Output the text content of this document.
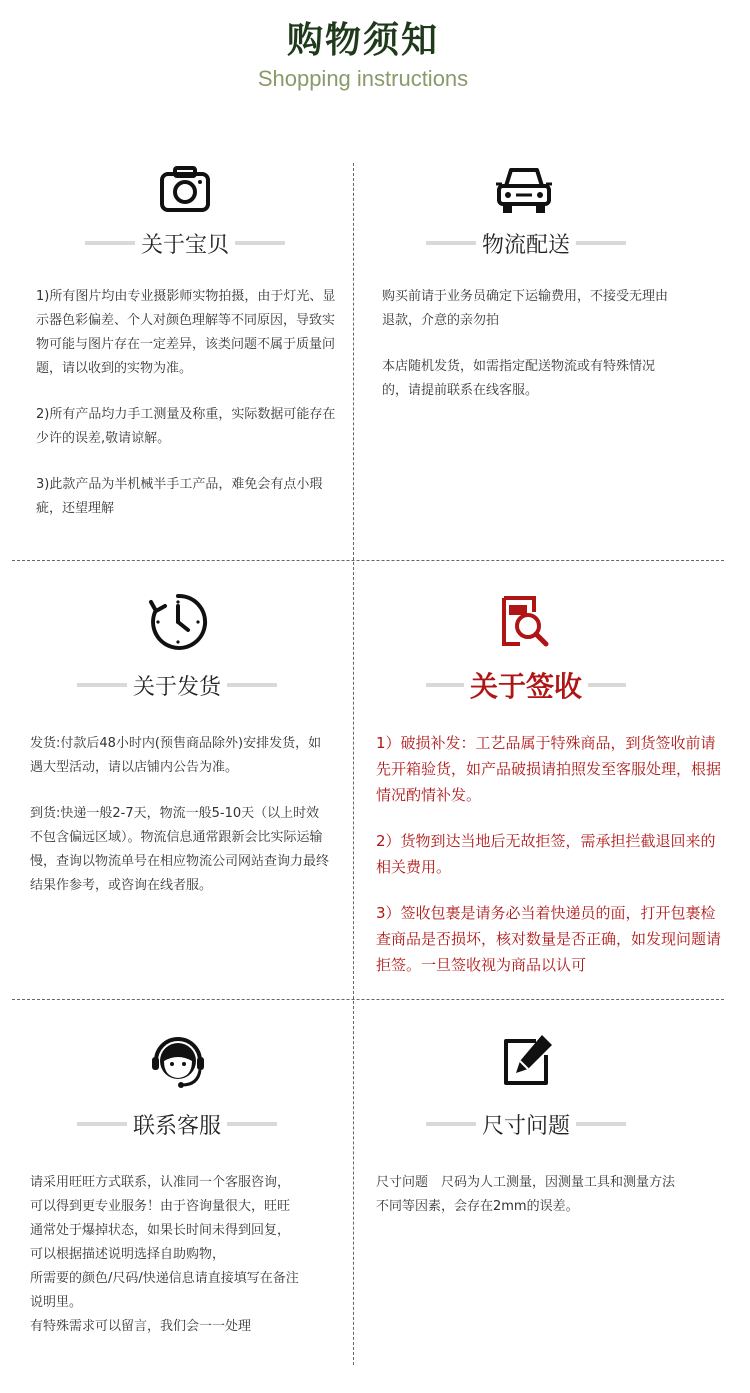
购物须知
Shopping instructions
关于宝贝

1)所有图片均由专业摄影师实物拍摄，由于灯光、显示器色彩偏差、个人对颜色理解等不同原因，导致实物可能与图片存在一定差异，该类问题不属于质量问题，请以收到的实物为准。

2)所有产品均力手工测量及称重，实际数据可能存在少许的误差,敬请谅解。

3)此款产品为半机械半手工产品，难免会有点小瑕疵，还望理解

物流配送

购买前请于业务员确定下运输费用，不接受无理由退款，介意的亲勿拍

本店随机发货，如需指定配送物流或有特殊情况的，请提前联系在线客服。

关于发货

发货:付款后48小时内(预售商品除外)安排发货，如遇大型活动，请以店铺内公告为准。

到货:快递一般2-7天，物流一般5-10天（以上时效不包含偏远区域）。物流信息通常跟新会比实际运输慢，查询以物流单号在相应物流公司网站查询力最终结果作参考，或咨询在线者服。

关于签收

1）破损补发：工艺品属于特殊商品，到货签收前请先开箱验货，如产品破损请拍照发至客服处理，根据情况酌情补发。

2）货物到达当地后无故拒签，需承担拦截退回来的相关费用。

3）签收包裹是请务必当着快递员的面，打开包裹检查商品是否损坏，核对数量是否正确，如发现问题请拒签。一旦签收视为商品以认可

联系客服

请采用旺旺方式联系，认准同一个客服咨询，

可以得到更专业服务！由于咨询量很大，旺旺

通常处于爆掉状态，如果长时间未得到回复，

可以根据描述说明选择自助购物，

所需要的颜色/尺码/快递信息请直接填写在备注

说明里。

有特殊需求可以留言，我们会一一处理

尺寸问题

尺寸问题　尺码为人工测量，因测量工具和测量方法不同等因素，会存在2mm的误差。
